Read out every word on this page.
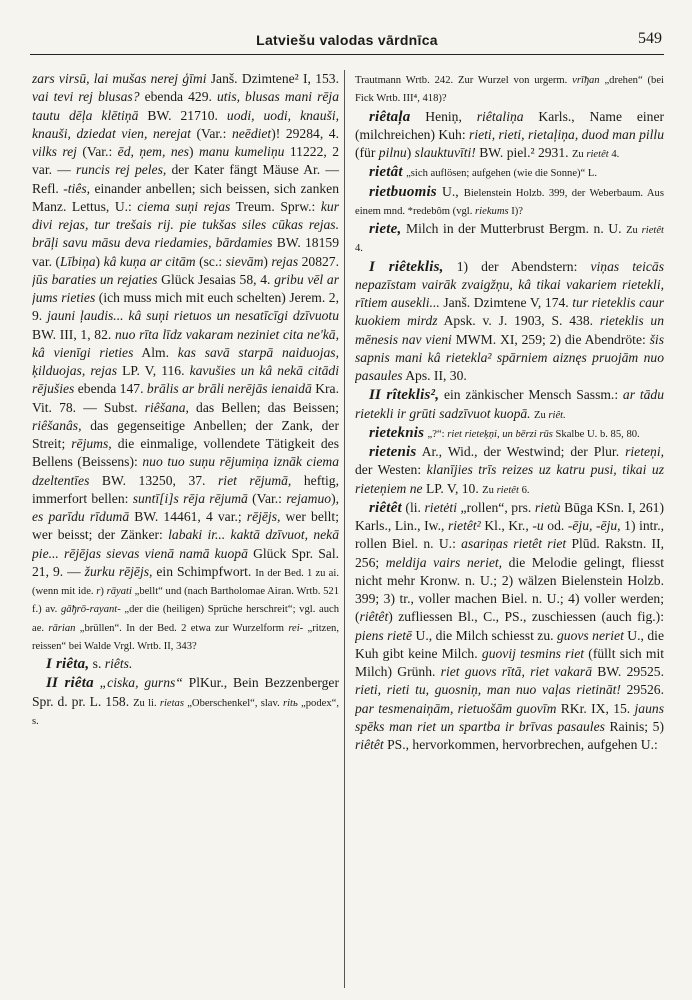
Latviešu valodas vārdnīca	549

zars virsū, lai mušas nerej ģīmi Janš. Dzimtene² I, 153. vai tevi rej blusas? ebenda 429. utis, blusas mani rēja tautu dēļa klētiņā BW. 21710. uodi, uodi, knauši, knauši, dziedat vien, nerejat (Var.: neēdiet)! 29284, 4. vilks rej (Var.: ēd, ņem, nes) manu kumeliņu 11222, 2 var. — runcis rej peles, der Kater fängt Mäuse Ar. — Refl. -tiês, einander anbellen; sich beissen, sich zanken Manz. Lettus, U.: ciema suņi rejas Treum. Sprw.: kur divi rejas, tur trešais rij. pie tukšas siles cūkas rejas. brāļi savu māsu deva riedamies, bārdamies BW. 18159 var. (Lībiņa) kâ kuņa ar citām (sc.: sievām) rejas 20827. jūs baraties un rejaties Glück Jesaias 58, 4. gribu vēl ar jums rieties (ich muss mich mit euch schelten) Jerem. 2, 9. jauni ļaudis... kâ suņi rietuos un nesatīcīgi dzīvuotu BW. III, 1, 82. nuo rīta līdz vakaram neziniet cita ne'kā, kâ vienīgi rieties Alm. kas savā starpā naiduojas, ķilduojas, rejas LP. V, 116. kavušies un kâ nekā citādi rējušies ebenda 147. brālis ar brāli nerējās ienaidā Kra. Vit. 78. — Subst. riêšana, das Bellen; das Beissen; riêšanâs, das gegenseitige Anbellen; der Zank, der Streit; rējums, die einmalige, vollendete Tätigkeit des Bellens (Beissens): nuo tuo suņu rējumiņa iznāk ciema dzeltentīes BW. 13250, 37. riet rējumā, heftig, immerfort bellen: suntī[i]s rēja rējumā (Var.: rejamuo), es parīdu rīdumā BW. 14461, 4 var.; rējējs, wer bellt; wer beisst; der Zänker: labaki ir... kaktā dzīvuot, nekā pie... rējējas sievas vienā namā kuopā Glück Spr. Sal. 21, 9. — žurku rējējs, ein Schimpfwort. In der Bed. 1 zu ai. (wenn mit ide. r) rāyati „bellt“ und (nach Bartholomae Airan. Wrtb. 521 f.) av. gāђrō-rayant- „der die (heiligen) Sprüche herschreit“; vgl. auch ae. rārian „brüllen“. In der Bed. 2 etwa zur Wurzelform rei- „ritzen, reissen“ bei Walde Vrgl. Wrtb. II, 343?

I riêta, s. riêts.

II riêta „ciska, gurns“ PlKur., Bein Bezzenberger Spr. d. pr. L. 158. Zu li. rietas „Oberschenkel“, slav. ritь „podex“, s.

Trautmann Wrtb. 242. Zur Wurzel von urgerm. vrīђan „drehen“ (bei Fick Wrtb. III⁴, 418)?

riêtaļa Heniņ, riêtaliņa Karls., Name einer (milchreichen) Kuh: rieti, rieti, rietaļiņa, duod man pillu (für pilnu) slauktuvīti! BW. piel.² 2931. Zu rietêt 4.

rietât „sich auflösen; aufgehen (wie die Sonne)“ L.

rietbuomis U., Bielenstein Holzb. 399, der Weberbaum. Aus einem mnd. *redebôm (vgl. riekums I)?

riete, Milch in der Mutterbrust Bergm. n. U. Zu rietêt 4.

I riêteklis, 1) der Abendstern: viņas teicās nepazīstam vairāk zvaigžņu, kâ tikai vakariem rietekli, rītiem auseklі... Janš. Dzimtene V, 174. tur rieteklis caur kuokiem mirdz Apsk. v. J. 1903, S. 438. rieteklis un mēnesis nav vieni MWM. XI, 259; 2) die Abendröte: šis sapnis mani kâ rieteklа² spārniem aiznęs pruojām nuo pasaules Aps. II, 30.

II rîteklis², ein zänkischer Mensch Sassm.: ar tādu rietekli ir grūti sadzīvuot kuopā. Zu riêt.

rieteknis „?“: riet rieteķņi, un bērzi rūs Skalbe U. b. 85, 80.

rietenis Ar., Wid., der Westwind; der Plur. rieteņi, der Westen: klanījies trīs reizes uz katru pusi, tikai uz rieteņiem ne LP. V, 10. Zu rietêt 6.

riêtêt (li. rietėti „rollen“, prs. rietù Būga KSn. I, 261) Karls., Lin., Iw., rietêt² Kl., Kr., -u od. -ēju, -ēju, 1) intr., rollen Biel. n. U.: asariņas rietêt riet Plūd. Rakstn. II, 256; meldija vairs neriet, die Melodie gelingt, fliesst nicht mehr Kronw. n. U.; 2) wälzen Bielenstein Holzb. 399; 3) tr., voller machen Biel. n. U.; 4) voller werden; (riêtêt) zufliessen Bl., C., PS., zuschiessen (auch fig.): piens rietē U., die Milch schiesst zu. guovs neriet U., die Kuh gibt keine Milch. guoviј tesmins riet (füllt sich mit Milch) Grünh. riet guovs rītā, riet vakarā BW. 29525. rieti, rieti tu, guosniņ, man nuo vaļas rietināt! 29526. par tesmenaiņām, rietuošām guovīm RKr. IX, 15. jauns spēks man riet un spartba ir brīvas pasaules Rainis; 5) riêtêt PS., hervorkommen, hervorbrechen, aufgehen U.:
